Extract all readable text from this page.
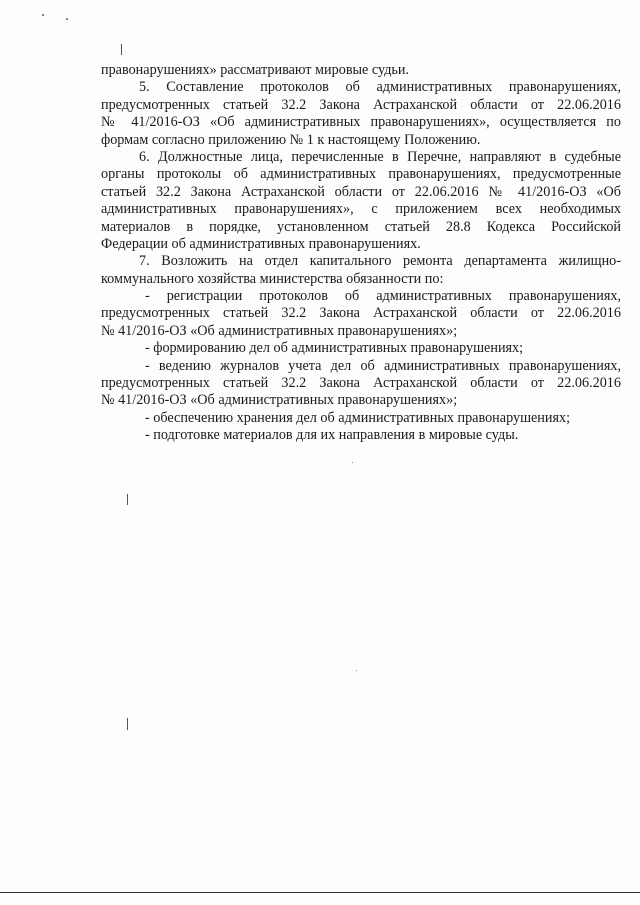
правонарушениях» рассматривают мировые судьи.
5. Составление протоколов об административных правонарушениях,
предусмотренных статьей 32.2 Закона Астраханской области от 22.06.2016
№ 41/2016-ОЗ «Об административных правонарушениях», осуществляется по
формам согласно приложению № 1 к настоящему Положению.
6. Должностные лица, перечисленные в Перечне, направляют в судебные
органы протоколы об административных правонарушениях, предусмотренные
статьей 32.2 Закона Астраханской области от 22.06.2016 № 41/2016-ОЗ «Об
административных правонарушениях», с приложением всех необходимых
материалов в порядке, установленном статьей 28.8 Кодекса Российской
Федерации об административных правонарушениях.
7. Возложить на отдел капитального ремонта департамента жилищно-
коммунального хозяйства министерства обязанности по:
- регистрации протоколов об административных правонарушениях,
предусмотренных статьей 32.2 Закона Астраханской области от 22.06.2016
№ 41/2016-ОЗ «Об административных правонарушениях»;
- формированию дел об административных правонарушениях;
- ведению журналов учета дел об административных правонарушениях,
предусмотренных статьей 32.2 Закона Астраханской области от 22.06.2016
№ 41/2016-ОЗ «Об административных правонарушениях»;
- обеспечению хранения дел об административных правонарушениях;
- подготовке материалов для их направления в мировые суды.
